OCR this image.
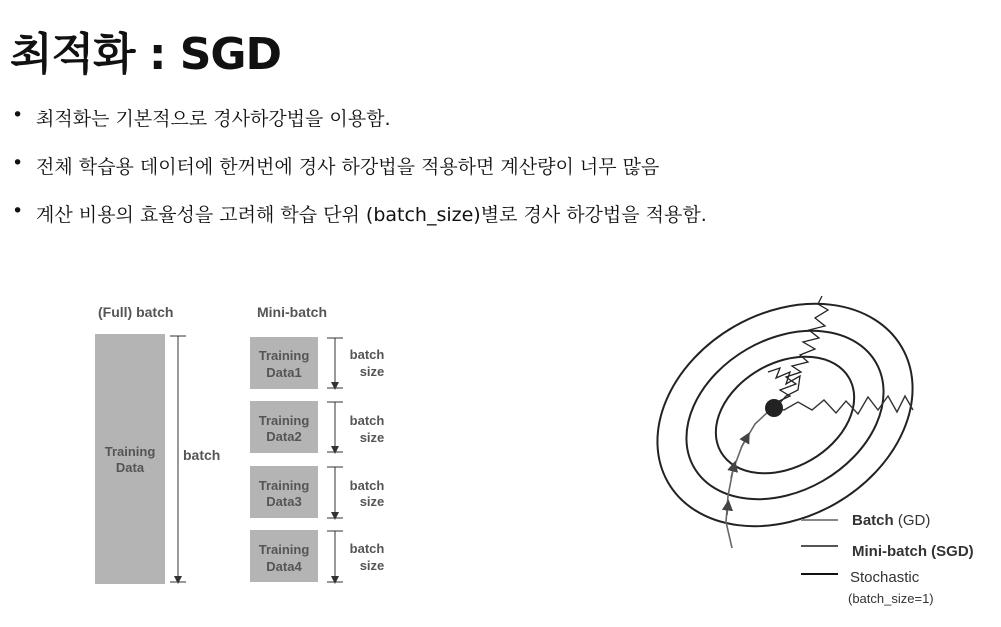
최적화 : SGD
• 최적화는 기본적으로 경사하강법을 이용함.
• 전체 학습용 데이터에 한꺼번에 경사 하강법을 적용하면 계산량이 너무 많음
• 계산 비용의 효율성을 고려해 학습 단위 (batch_size)별로 경사 하강법을 적용함.
(Full) batch	Mini-batch
Training
Data
batch
Training
Data1
batch
size
Training
Data2
batch
size
Training
Data3
batch
size
Training
Data4
batch
size
Batch (GD)
Mini-batch (SGD)
Stochastic
(batch_size=1)
